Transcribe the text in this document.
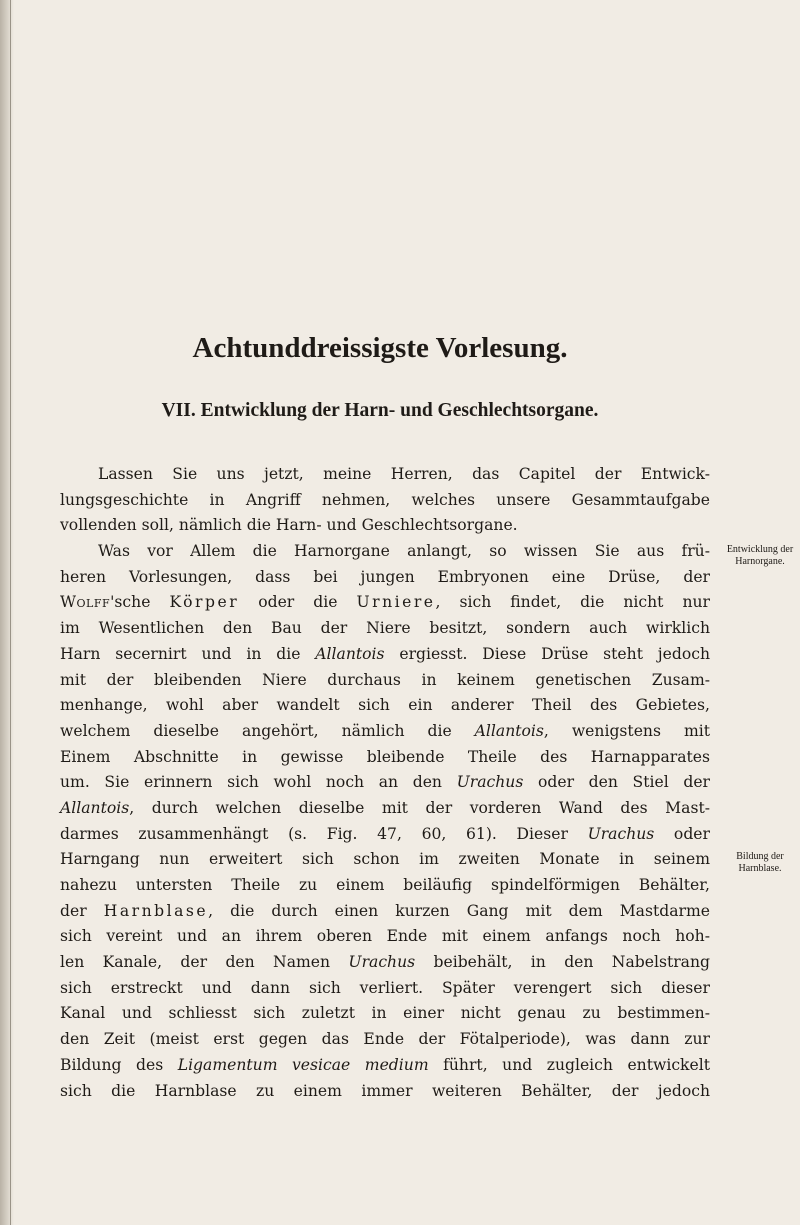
Achtunddreissigste Vorlesung.
VII. Entwicklung der Harn- und Geschlechtsorgane.
Entwicklung der
Harnorgane.
Bildung der
Harnblase.
Lassen Sie uns jetzt, meine Herren, das Capitel der Entwick-
lungsgeschichte in Angriff nehmen, welches unsere Gesammtaufgabe
vollenden soll, nämlich die Harn- und Geschlechtsorgane.
Was vor Allem die Harnorgane anlangt, so wissen Sie aus frü-
heren Vorlesungen, dass bei jungen Embryonen eine Drüse, der
Wolff'sche Körper oder die Urniere, sich findet, die nicht nur
im Wesentlichen den Bau der Niere besitzt, sondern auch wirklich
Harn secernirt und in die Allantois ergiesst. Diese Drüse steht jedoch
mit der bleibenden Niere durchaus in keinem genetischen Zusam-
menhange, wohl aber wandelt sich ein anderer Theil des Gebietes,
welchem dieselbe angehört, nämlich die Allantois, wenigstens mit
Einem Abschnitte in gewisse bleibende Theile des Harnapparates
um. Sie erinnern sich wohl noch an den Urachus oder den Stiel der
Allantois, durch welchen dieselbe mit der vorderen Wand des Mast-
darmes zusammenhängt (s. Fig. 47, 60, 61). Dieser Urachus oder
Harngang nun erweitert sich schon im zweiten Monate in seinem
nahezu untersten Theile zu einem beiläufig spindelförmigen Behälter,
der Harnblase, die durch einen kurzen Gang mit dem Mastdarme
sich vereint und an ihrem oberen Ende mit einem anfangs noch hoh-
len Kanale, der den Namen Urachus beibehält, in den Nabelstrang
sich erstreckt und dann sich verliert. Später verengert sich dieser
Kanal und schliesst sich zuletzt in einer nicht genau zu bestimmen-
den Zeit (meist erst gegen das Ende der Fötalperiode), was dann zur
Bildung des Ligamentum vesicae medium führt, und zugleich entwickelt
sich die Harnblase zu einem immer weiteren Behälter, der jedoch
